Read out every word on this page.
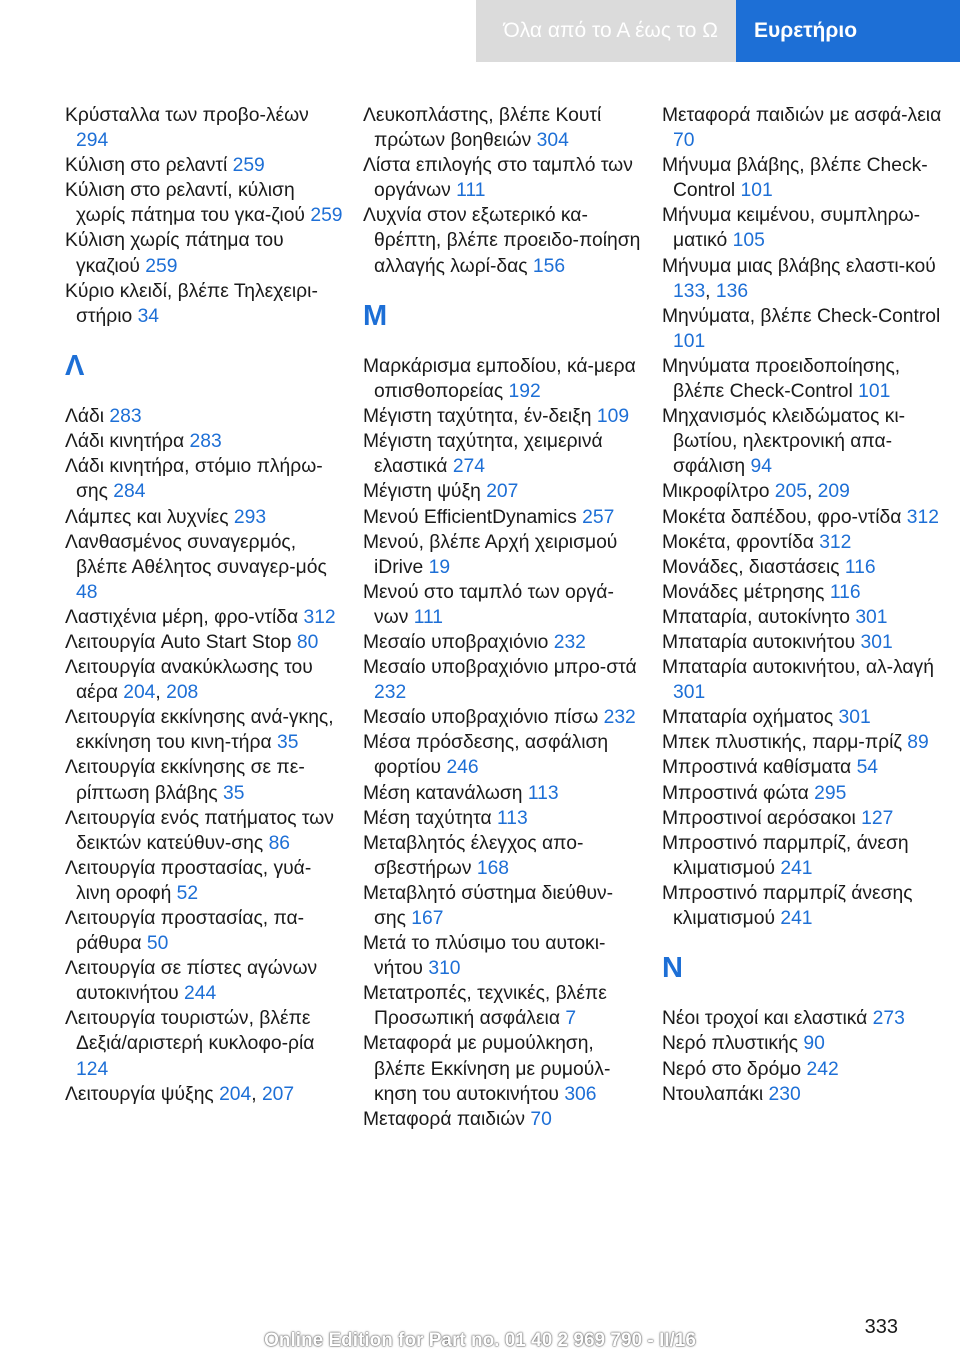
Όλα από το Α έως το Ω	Ευρετήριο

Κρύσταλλα των προβο‐λέων 294

Κύλιση στο ρελαντί 259

Κύλιση στο ρελαντί, κύλιση χωρίς πάτημα του γκα‐ζιού 259

Κύλιση χωρίς πάτημα του γκαζιού 259

Κύριο κλειδί, βλέπε Τηλεχειρι‐στήριο 34

Λ

Λάδι 283

Λάδι κινητήρα 283

Λάδι κινητήρα, στόμιο πλήρω‐σης 284

Λάμπες και λυχνίες 293

Λανθασμένος συναγερμός, βλέπε Αθέλητος συναγερ‐μός 48

Λαστιχένια μέρη, φρο‐ντίδα 312

Λειτουργία Auto Start Stop 80

Λειτουργία ανακύκλωσης του αέρα 204, 208

Λειτουργία εκκίνησης ανά‐γκης, εκκίνηση του κινη‐τήρα 35

Λειτουργία εκκίνησης σε πε‐ρίπτωση βλάβης 35

Λειτουργία ενός πατήματος των δεικτών κατεύθυν‐σης 86

Λειτουργία προστασίας, γυά‐λινη οροφή 52

Λειτουργία προστασίας, πα‐ράθυρα 50

Λειτουργία σε πίστες αγώνων αυτοκινήτου 244

Λειτουργία τουριστών, βλέπε Δεξιά/αριστερή κυκλοφο‐ρία 124

Λειτουργία ψύξης 204, 207

Λευκοπλάστης, βλέπε Κουτί πρώτων βοηθειών 304

Λίστα επιλογής στο ταμπλό των οργάνων 111

Λυχνία στον εξωτερικό κα‐θρέπτη, βλέπε προειδο‐ποίηση αλλαγής λωρί‐δας 156

Μ

Μαρκάρισμα εμποδίου, κά‐μερα οπισθοπορείας 192

Μέγιστη ταχύτητα, έν‐δειξη 109

Μέγιστη ταχύτητα, χειμερινά ελαστικά 274

Μέγιστη ψύξη 207

Μενού EfficientDynamics 257

Μενού, βλέπε Αρχή χειρισμού iDrive 19

Μενού στο ταμπλό των οργά‐νων 111

Μεσαίο υποβραχιόνιο 232

Μεσαίο υποβραχιόνιο μπρο‐στά 232

Μεσαίο υποβραχιόνιο πίσω 232

Μέσα πρόσδεσης, ασφάλιση φορτίου 246

Μέση κατανάλωση 113

Μέση ταχύτητα 113

Μεταβλητός έλεγχος απο‐σβεστήρων 168

Μεταβλητό σύστημα διεύθυν‐σης 167

Μετά το πλύσιμο του αυτοκι‐νήτου 310

Μετατροπές, τεχνικές, βλέπε Προσωπική ασφάλεια 7

Μεταφορά με ρυμούλκηση, βλέπε Εκκίνηση με ρυμούλ‐κηση του αυτοκινήτου 306

Μεταφορά παιδιών 70

Μεταφορά παιδιών με ασφά‐λεια 70

Μήνυμα βλάβης, βλέπε Check-Control 101

Μήνυμα κειμένου, συμπληρω‐ματικό 105

Μήνυμα μιας βλάβης ελαστι‐κού 133, 136

Μηνύματα, βλέπε Check-Control 101

Μηνύματα προειδοποίησης, βλέπε Check-Control 101

Μηχανισμός κλειδώματος κι‐βωτίου, ηλεκτρονική απα‐σφάλιση 94

Μικροφίλτρο 205, 209

Μοκέτα δαπέδου, φρο‐ντίδα 312

Μοκέτα, φροντίδα 312

Μονάδες, διαστάσεις 116

Μονάδες μέτρησης 116

Μπαταρία, αυτοκίνητο 301

Μπαταρία αυτοκινήτου 301

Μπαταρία αυτοκινήτου, αλ‐λαγή 301

Μπαταρία οχήματος 301

Μπεκ πλυστικής, παρμ‐πρίζ 89

Μπροστινά καθίσματα 54

Μπροστινά φώτα 295

Μπροστινοί αερόσακοι 127

Μπροστινό παρμπρίζ, άνεση κλιματισμού 241

Μπροστινό παρμπρίζ άνεσης κλιματισμού 241

Ν

Νέοι τροχοί και ελαστικά 273

Νερό πλυστικής 90

Νερό στο δρόμο 242

Ντουλαπάκι 230

333
Online Edition for Part no. 01 40 2 969 790 - II/16
